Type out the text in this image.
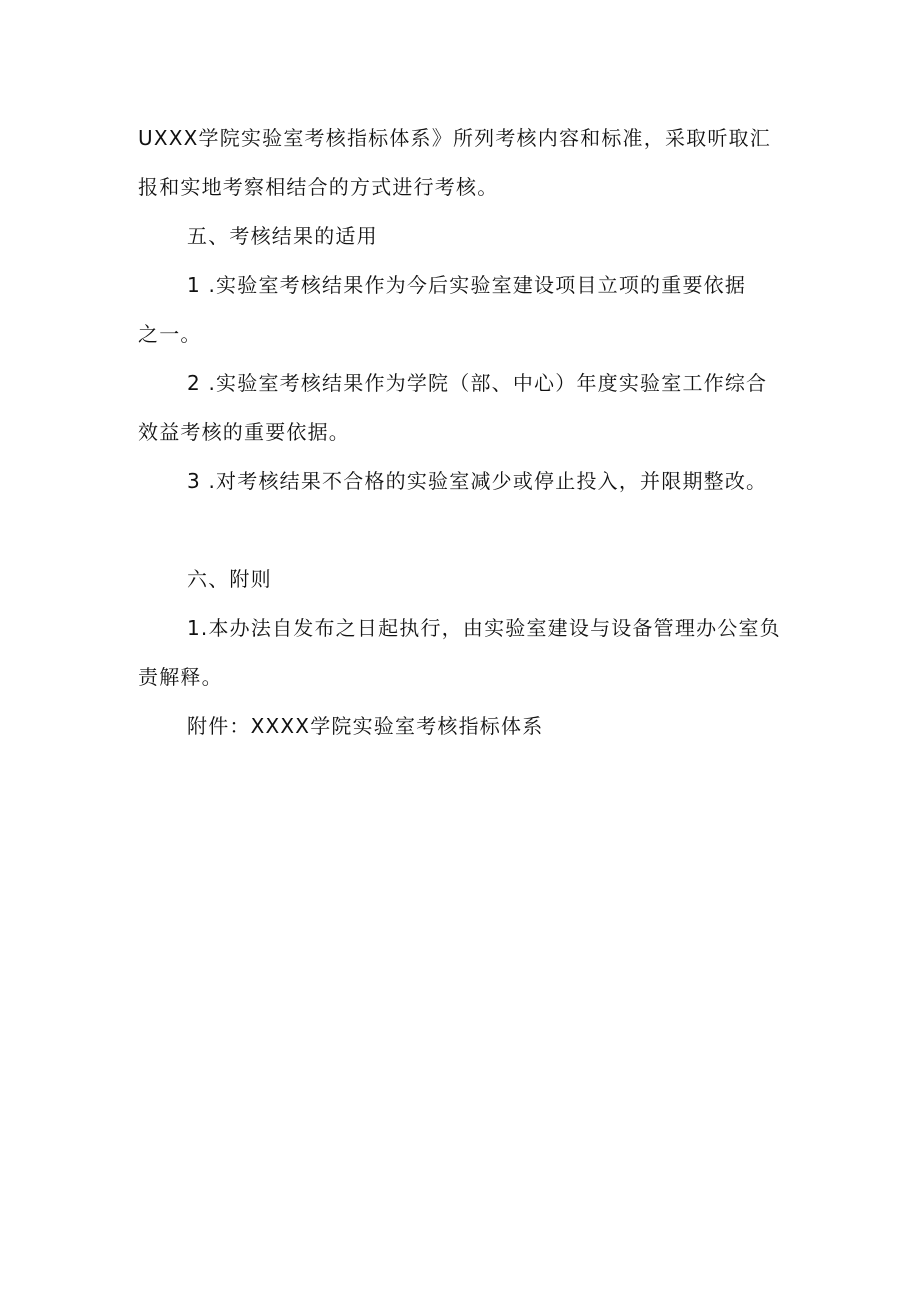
UXXX学院实验室考核指标体系》所列考核内容和标准，采取听取汇
报和实地考察相结合的方式进行考核。
五、考核结果的适用
1 .实验室考核结果作为今后实验室建设项目立项的重要依据
之一。
2 .实验室考核结果作为学院（部、中心）年度实验室工作综合
效益考核的重要依据。
3 .对考核结果不合格的实验室减少或停止投入，并限期整改。
六、附则
1.本办法自发布之日起执行，由实验室建设与设备管理办公室负
责解释。
附件：XXXX学院实验室考核指标体系
